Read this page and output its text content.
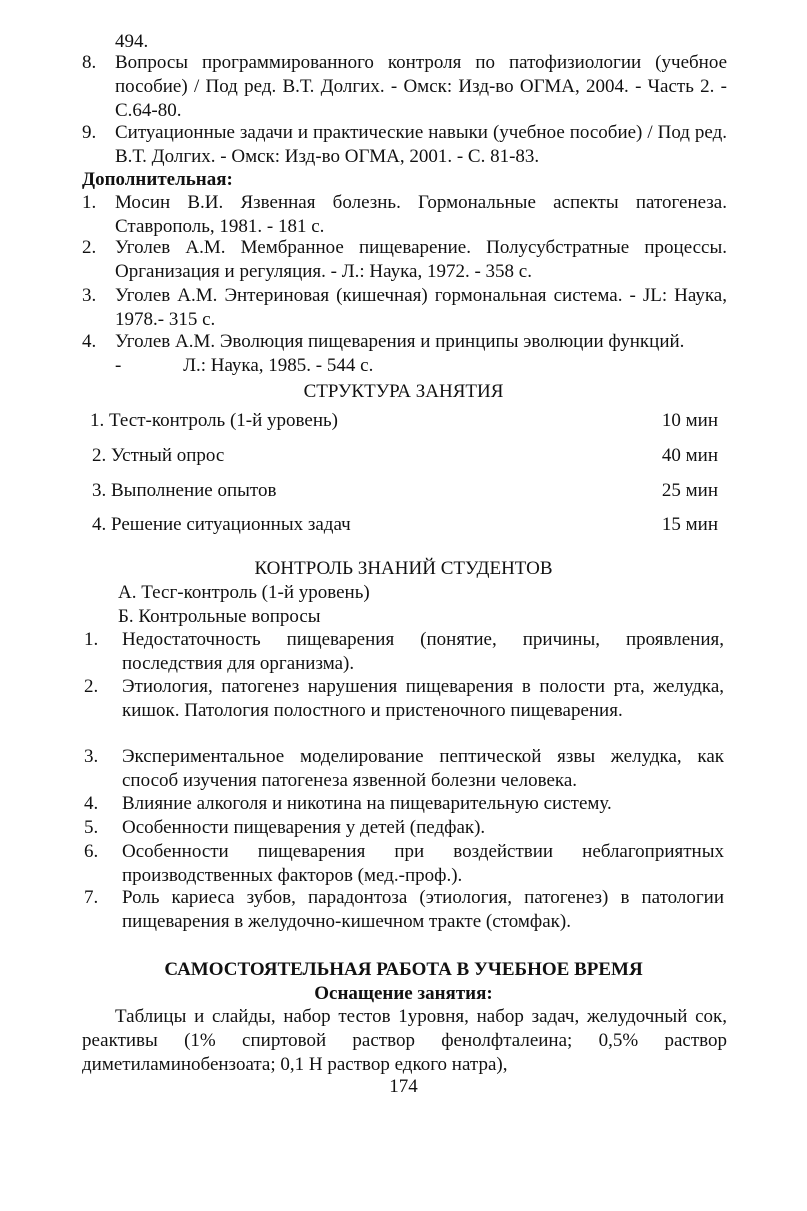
494.
8. Вопросы программированного контроля по патофизиологии (учебное пособие) / Под ред. В.Т. Долгих. - Омск: Изд-во ОГМА, 2004. - Часть 2. - С.64-80.
9. Ситуационные задачи и практические навыки (учебное пособие) / Под ред. В.Т. Долгих. - Омск: Изд-во ОГМА, 2001. - С. 81-83.
Дополнительная:
1. Мосин В.И. Язвенная болезнь. Гормональные аспекты патогенеза. Ставрополь, 1981. - 181 с.
2. Уголев А.М. Мембранное пищеварение. Полусубстратные процессы. Организация и регуляция. - Л.: Наука, 1972. - 358 с.
3. Уголев А.М. Энтериновая (кишечная) гормональная система. - JL: Наука, 1978.- 315 с.
4. Уголев А.М. Эволюция пищеварения и принципы эволюции функций.
-             Л.: Наука, 1985. - 544 с.
СТРУКТУРА ЗАНЯТИЯ
1. Тест-контроль (1-й уровень)	10 мин
2. Устный опрос	40 мин
3. Выполнение опытов	25 мин
4. Решение ситуационных задач	15 мин
КОНТРОЛЬ ЗНАНИЙ СТУДЕНТОВ
А. Тесг-контроль (1-й уровень)
Б. Контрольные вопросы
1. Недостаточность пищеварения (понятие, причины, проявления, последствия для организма).
2. Этиология, патогенез нарушения пищеварения в полости рта, желудка, кишок. Патология полостного и пристеночного пищеварения.
3. Экспериментальное моделирование пептической язвы желудка, как способ изучения патогенеза язвенной болезни человека.
4. Влияние алкоголя и никотина на пищеварительную систему.
5. Особенности пищеварения у детей (педфак).
6. Особенности пищеварения при воздействии неблагоприятных производственных факторов (мед.-проф.).
7. Роль кариеса зубов, парадонтоза (этиология, патогенез) в патологии пищеварения в желудочно-кишечном тракте (стомфак).
САМОСТОЯТЕЛЬНАЯ РАБОТА В УЧЕБНОЕ ВРЕМЯ
Оснащение занятия:
Таблицы и слайды, набор тестов 1уровня, набор задач, желудочный сок, реактивы (1% спиртовой раствор фенолфталеина; 0,5% раствор диметиламинобензоата; 0,1 Н раствор едкого натра),
174
